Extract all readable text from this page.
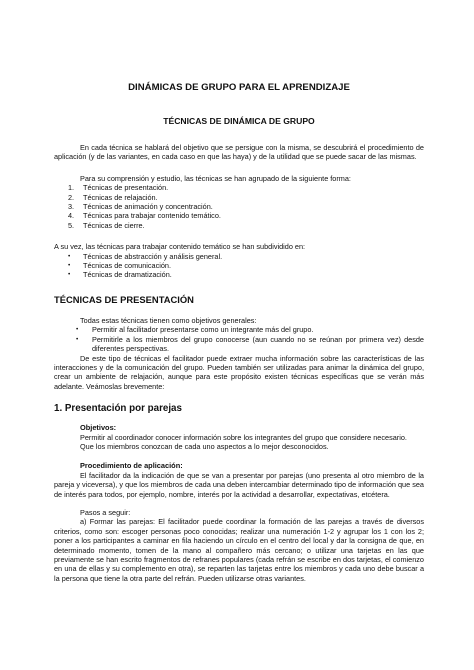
DINÁMICAS DE GRUPO PARA EL APRENDIZAJE
TÉCNICAS DE DINÁMICA DE GRUPO

En cada técnica se hablará del objetivo que se persigue con la misma, se descubrirá el procedimiento de aplicación (y de las variantes, en cada caso en que las haya) y de la utilidad que se puede sacar de las mismas.

Para su comprensión y estudio, las técnicas se han agrupado de la siguiente forma:

1. Técnicas de presentación.
2. Técnicas de relajación.
3. Técnicas de animación y concentración.
4. Técnicas para trabajar contenido temático.
5. Técnicas de cierre.

A su vez, las técnicas para trabajar contenido temático se han subdividido en:

• Técnicas de abstracción y análisis general.
• Técnicas de comunicación.
• Técnicas de dramatización.
TÉCNICAS DE PRESENTACIÓN

Todas estas técnicas tienen como objetivos generales:

• Permitir al facilitador presentarse como un integrante más del grupo.
• Permitirle a los miembros del grupo conocerse (aun cuando no se reúnan por primera vez) desde diferentes perspectivas.

De este tipo de técnicas el facilitador puede extraer mucha información sobre las características de las interacciones y de la comunicación del grupo. Pueden también ser utilizadas para animar la dinámica del grupo, crear un ambiente de relajación, aunque para este propósito existen técnicas específicas que se verán más adelante. Veámoslas brevemente:

1. Presentación por parejas
Objetivos:

Permitir al coordinador conocer información sobre los integrantes del grupo que considere necesario.

Que los miembros conozcan de cada uno aspectos a lo mejor desconocidos.

Procedimiento de aplicación:

El facilitador da la indicación de que se van a presentar por parejas (uno presenta al otro miembro de la pareja y viceversa), y que los miembros de cada una deben intercambiar determinado tipo de información que sea de interés para todos, por ejemplo, nombre, interés por la actividad a desarrollar, expectativas, etcétera.

Pasos a seguir:

a) Formar las parejas: El facilitador puede coordinar la formación de las parejas a través de diversos criterios, como son: escoger personas poco conocidas; realizar una numeración 1-2 y agrupar los 1 con los 2; poner a los participantes a caminar en fila haciendo un círculo en el centro del local y dar la consigna de que, en determinado momento, tomen de la mano al compañero más cercano; o utilizar una tarjetas en las que previamente se han escrito fragmentos de refranes populares (cada refrán se escribe en dos tarjetas, el comienzo en una de ellas y su complemento en otra), se reparten las tarjetas entre los miembros y cada uno debe buscar a la persona que tiene la otra parte del refrán. Pueden utilizarse otras variantes.
